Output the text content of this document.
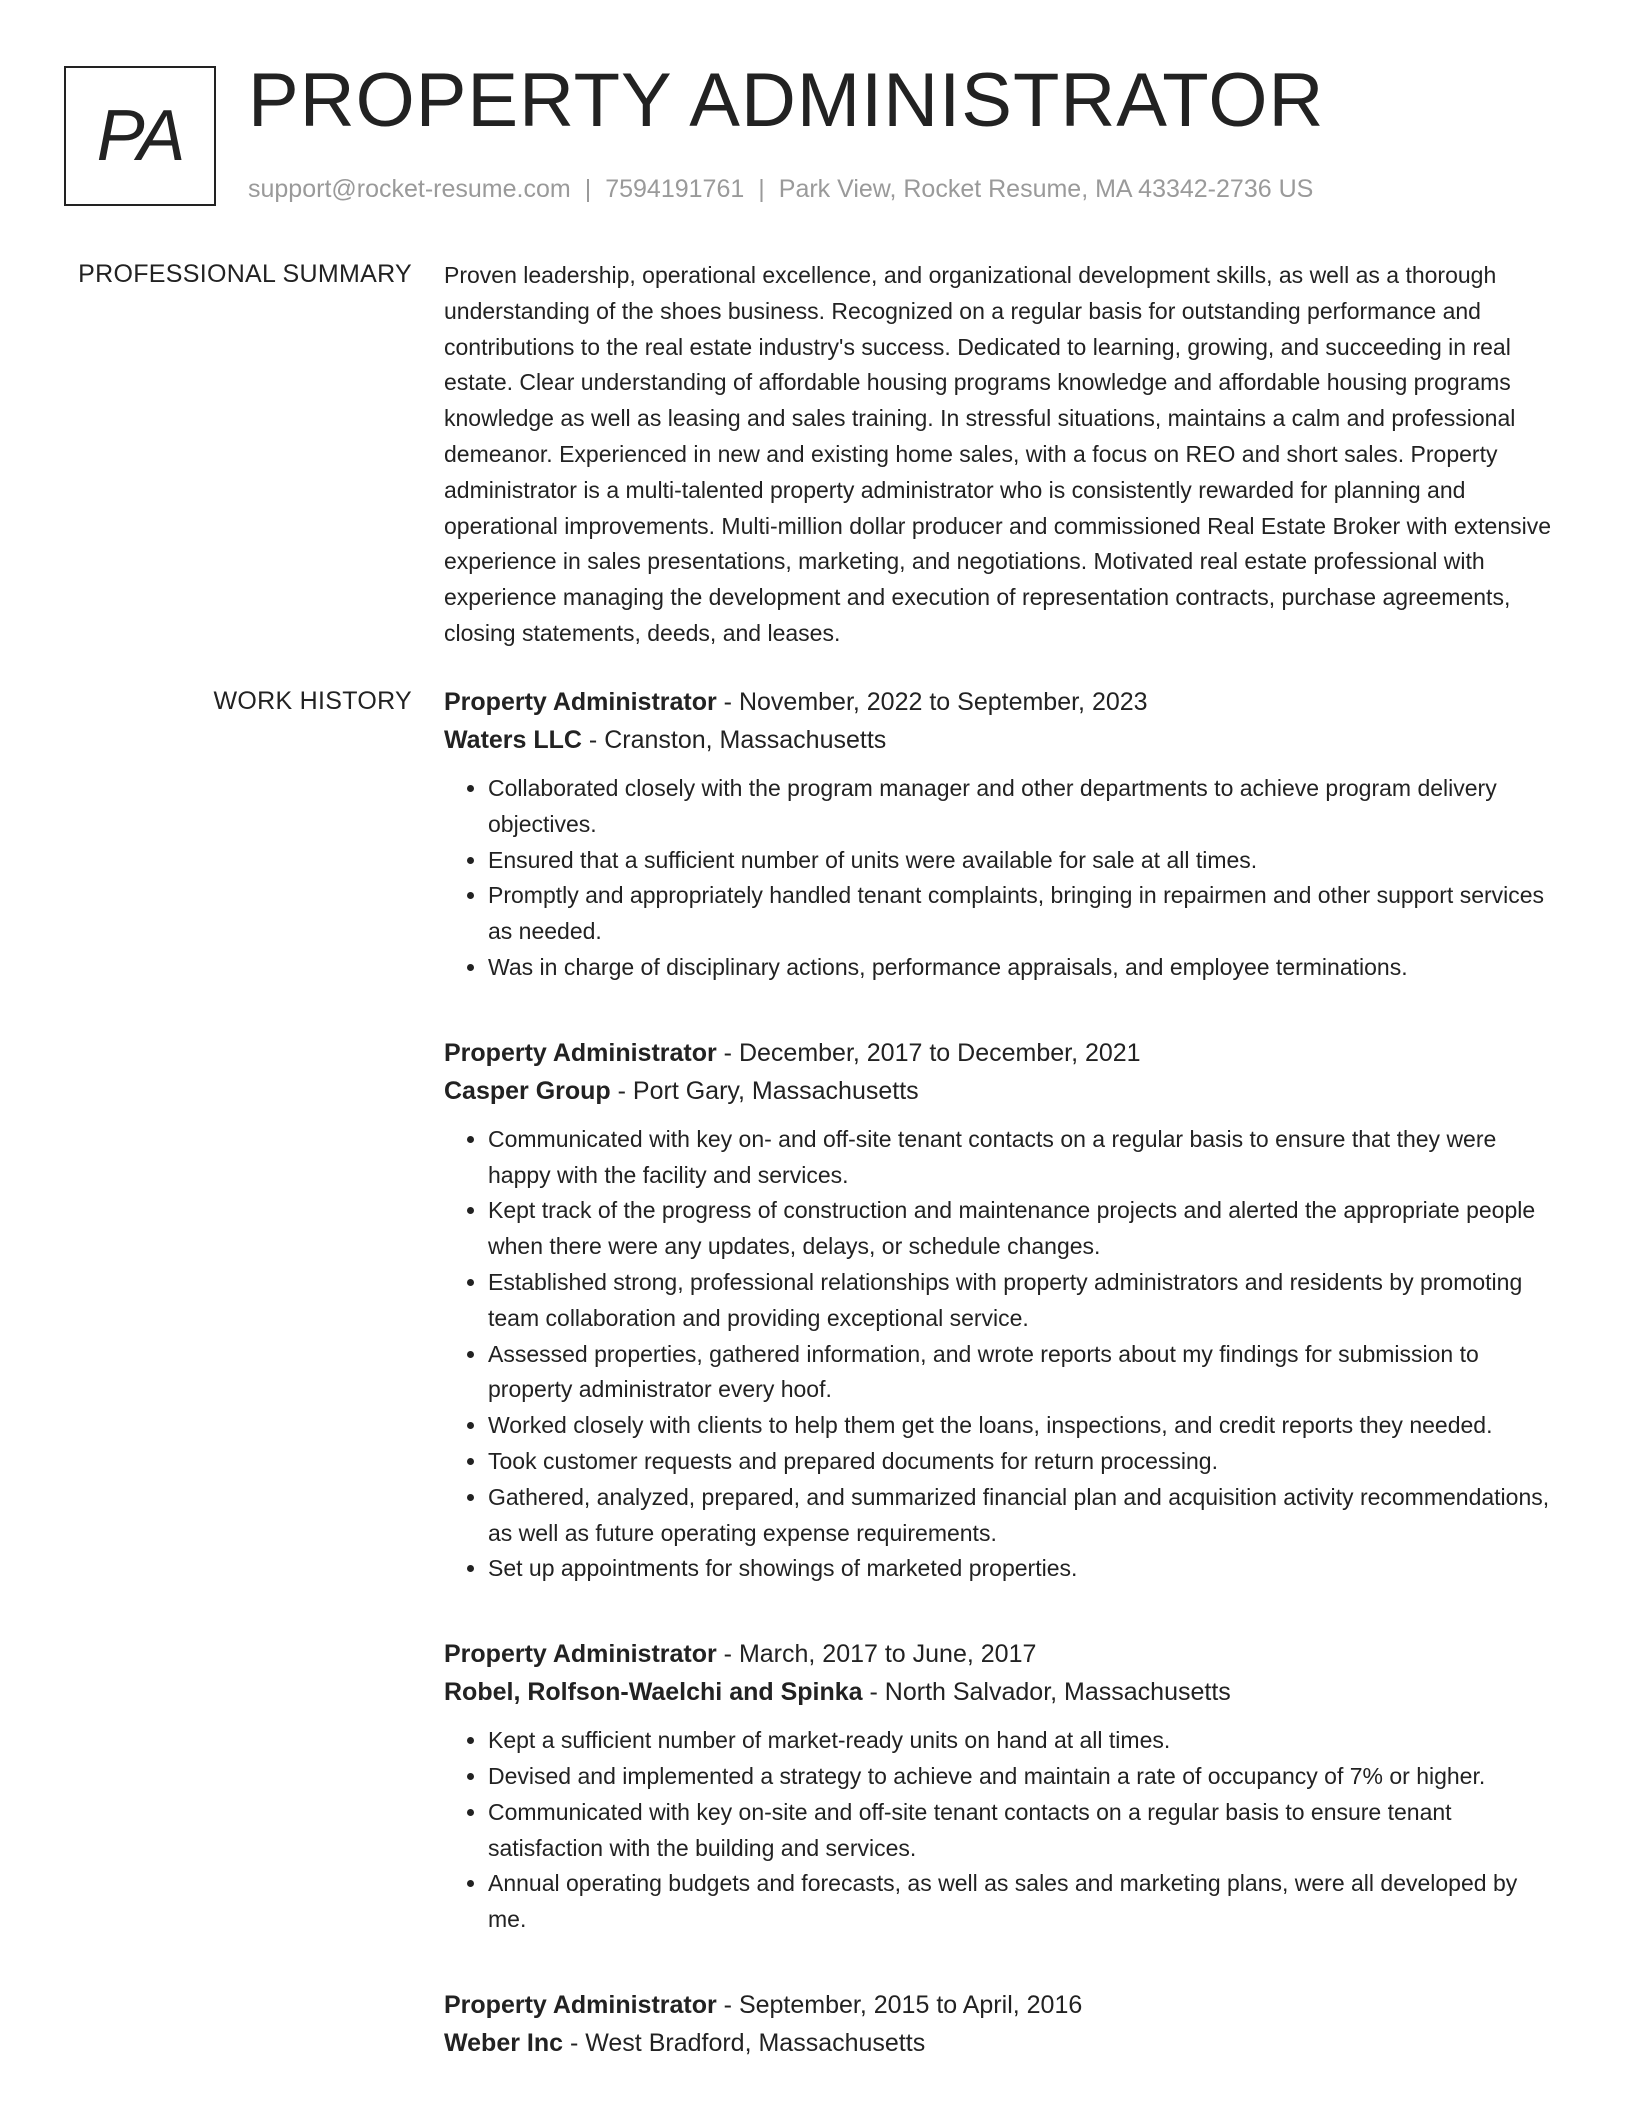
PA PROPERTY ADMINISTRATOR
support@rocket-resume.com | 7594191761 | Park View, Rocket Resume, MA 43342-2736 US
PROFESSIONAL SUMMARY Proven leadership, operational excellence, and organizational development skills, as well as a thorough understanding of the shoes business. Recognized on a regular basis for outstanding performance and contributions to the real estate industry's success. Dedicated to learning, growing, and succeeding in real estate. Clear understanding of affordable housing programs knowledge and affordable housing programs knowledge as well as leasing and sales training. In stressful situations, maintains a calm and professional demeanor. Experienced in new and existing home sales, with a focus on REO and short sales. Property administrator is a multi-talented property administrator who is consistently rewarded for planning and operational improvements. Multi-million dollar producer and commissioned Real Estate Broker with extensive experience in sales presentations, marketing, and negotiations. Motivated real estate professional with experience managing the development and execution of representation contracts, purchase agreements, closing statements, deeds, and leases.

WORK HISTORY Property Administrator - November, 2022 to September, 2023
Waters LLC - Cranston, Massachusetts
• Collaborated closely with the program manager and other departments to achieve program delivery objectives.
• Ensured that a sufficient number of units were available for sale at all times.
• Promptly and appropriately handled tenant complaints, bringing in repairmen and other support services as needed.
• Was in charge of disciplinary actions, performance appraisals, and employee terminations.
Property Administrator - December, 2017 to December, 2021
Casper Group - Port Gary, Massachusetts
• Communicated with key on- and off-site tenant contacts on a regular basis to ensure that they were happy with the facility and services.
• Kept track of the progress of construction and maintenance projects and alerted the appropriate people when there were any updates, delays, or schedule changes.
• Established strong, professional relationships with property administrators and residents by promoting team collaboration and providing exceptional service.
• Assessed properties, gathered information, and wrote reports about my findings for submission to property administrator every hoof.
• Worked closely with clients to help them get the loans, inspections, and credit reports they needed.
• Took customer requests and prepared documents for return processing.
• Gathered, analyzed, prepared, and summarized financial plan and acquisition activity recommendations, as well as future operating expense requirements.
• Set up appointments for showings of marketed properties.
Property Administrator - March, 2017 to June, 2017
Robel, Rolfson-Waelchi and Spinka - North Salvador, Massachusetts
• Kept a sufficient number of market-ready units on hand at all times.
• Devised and implemented a strategy to achieve and maintain a rate of occupancy of 7% or higher.
• Communicated with key on-site and off-site tenant contacts on a regular basis to ensure tenant satisfaction with the building and services.
• Annual operating budgets and forecasts, as well as sales and marketing plans, were all developed by me.
Property Administrator - September, 2015 to April, 2016
Weber Inc - West Bradford, Massachusetts
